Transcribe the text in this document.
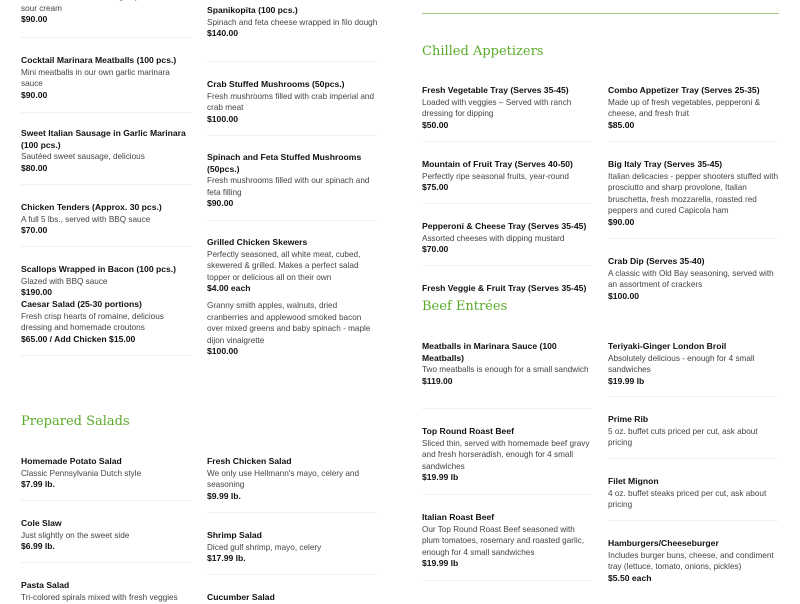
Chilled Appetizers
Fresh Vegetable Tray (Serves 35-45)
Loaded with veggies – Served with ranch dressing for dipping
$50.00
Mountain of Fruit Tray (Serves 40-50)
Perfectly ripe seasonal fruits, year-round
$75.00
Pepperoni & Cheese Tray (Serves 35-45)
Assorted cheeses with dipping mustard
$70.00
Fresh Veggie & Fruit Tray (Serves 35-45)
Combo Appetizer Tray (Serves 25-35)
Made up of fresh vegetables, pepperoni & cheese, and fresh fruit
$85.00
Big Italy Tray (Serves 35-45)
Italian delicacies - pepper shooters stuffed with prosciutto and sharp provolone, Italian bruschetta, fresh mozzarella, roasted red peppers and cured Capicola ham
$90.00
Crab Dip (Serves 35-40)
A classic with Old Bay seasoning, served with an assortment of crackers
$100.00
Beef Entrées
Prepared Salads
sour cream
$90.00
Cocktail Marinara Meatballs (100 pcs.)
Mini meatballs in our own garlic marinara sauce
$90.00
Sweet Italian Sausage in Garlic Marinara (100 pcs.)
Sautéed sweet sausage, delicious
$80.00
Chicken Tenders (Approx. 30 pcs.)
A full 5 lbs., served with BBQ sauce
$70.00
Scallops Wrapped in Bacon (100 pcs.)
Glazed with BBQ sauce
$190.00
Caesar Salad (25-30 portions)
Fresh crisp hearts of romaine, delicious dressing and homemade croutons
$65.00 / Add Chicken $15.00
Spanikopita (100 pcs.)
Spinach and feta cheese wrapped in filo dough
$140.00
Crab Stuffed Mushrooms (50pcs.)
Fresh mushrooms filled with crab imperial and crab meat
$100.00
Spinach and Feta Stuffed Mushrooms (50pcs.)
Fresh mushrooms filled with our spinach and feta filling
$90.00
Grilled Chicken Skewers
Perfectly seasoned, all white meat, cubed, skewered & grilled. Makes a perfect salad topper or delicious all on their own
$4.00 each
Granny smith apples, walnuts, dried cranberries and applewood smoked bacon over mixed greens and baby spinach - maple dijon vinaigrette
$100.00
Homemade Potato Salad
Classic Pennsylvania Dutch style
$7.99 lb.
Cole Slaw
Just slightly on the sweet side
$6.99 lb.
Pasta Salad
Tri-colored spirals mixed with fresh veggies
Fresh Chicken Salad
We only use Hellmann's mayo, celery and seasoning
$9.99 lb.
Shrimp Salad
Diced gulf shrimp, mayo, celery
$17.99 lb.
Cucumber Salad
Meatballs in Marinara Sauce (100 Meatballs)
Two meatballs is enough for a small sandwich
$119.00
Top Round Roast Beef
Sliced thin, served with homemade beef gravy and fresh horseradish, enough for 4 small sandwiches
$19.99 lb
Italian Roast Beef
Our Top Round Roast Beef seasoned with plum tomatoes, rosemary and roasted garlic, enough for 4 small sandwiches
$19.99 lb
Teriyaki-Ginger London Broil
Absolutely delicious - enough for 4 small sandwiches
$19.99 lb
Prime Rib
5 oz. buffet cuts priced per cut, ask about pricing
Filet Mignon
4 oz. buffet steaks priced per cut, ask about pricing
Hamburgers/Cheeseburger
Includes burger buns, cheese, and condiment tray (lettuce, tomato, onions, pickles)
$5.50 each
